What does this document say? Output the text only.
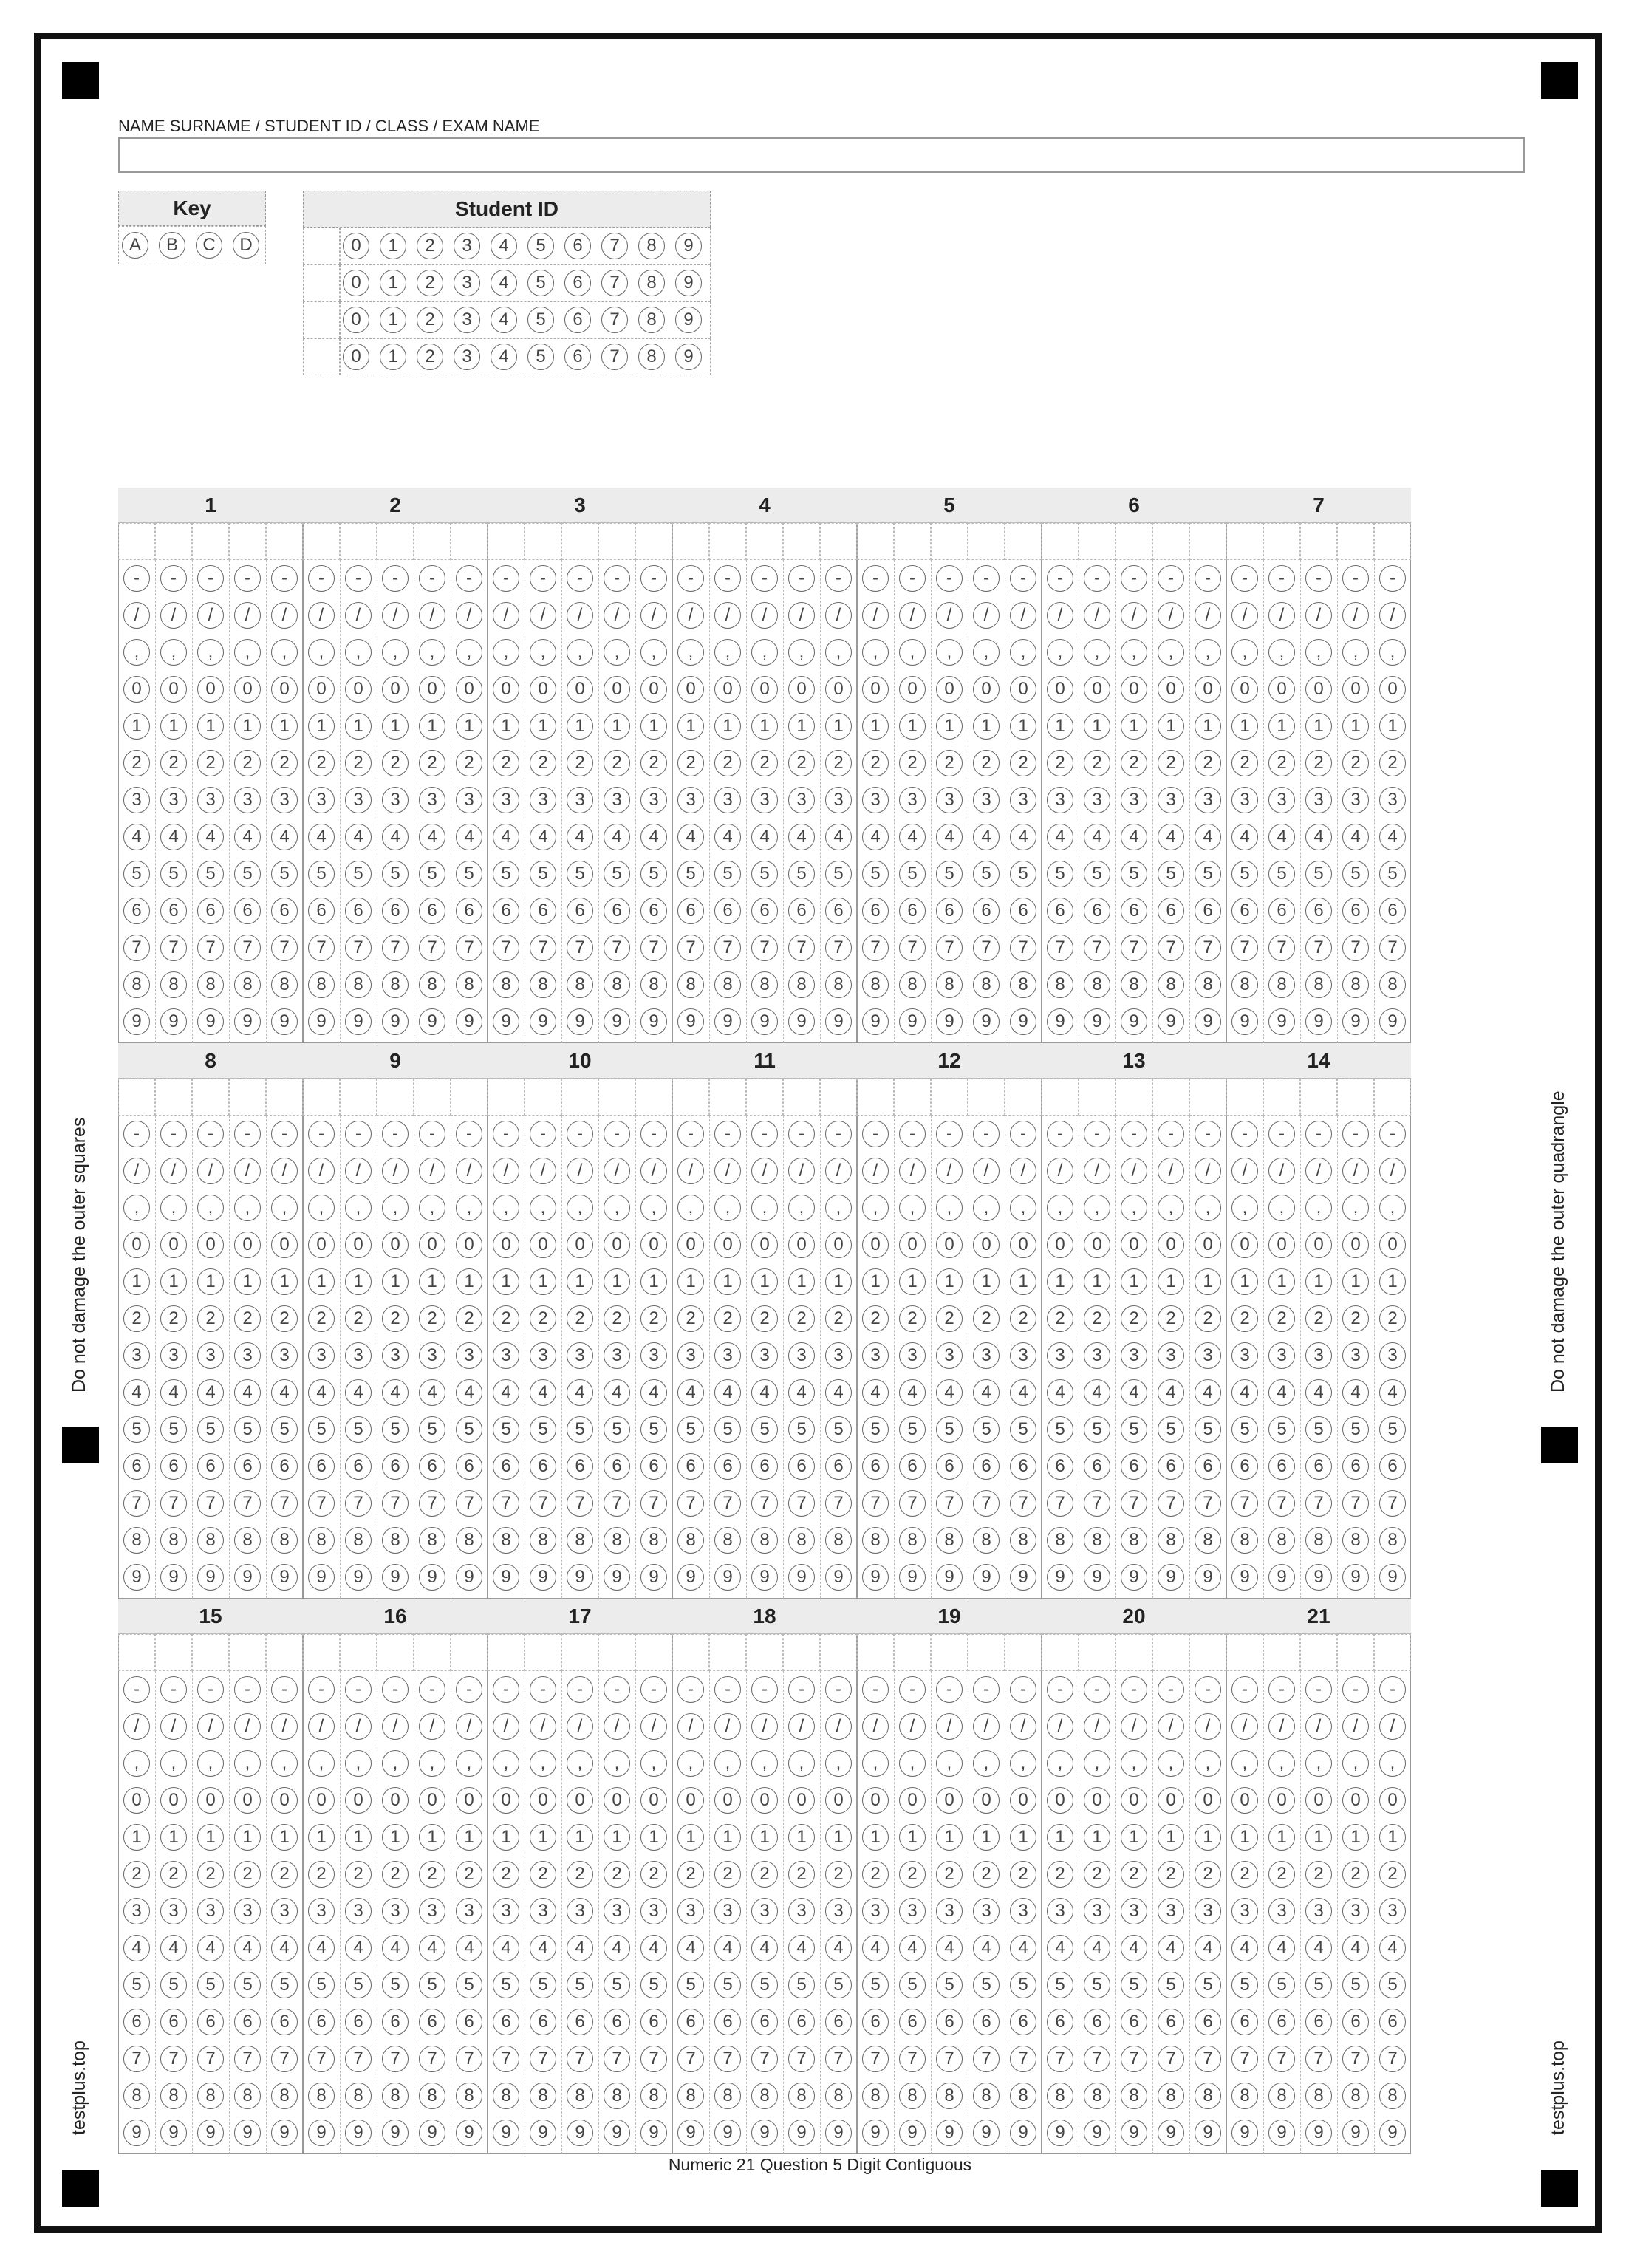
Do not damage the outer squares	Do not damage the outer quadrangle
testplus.top	testplus.top
NAME SURNAME / STUDENT ID / CLASS / EXAM NAME
Key
A	B	C	D
Student ID
0	1	2	3	4	5	6	7	8	9
0	1	2	3	4	5	6	7	8	9
0	1	2	3	4	5	6	7	8	9
0	1	2	3	4	5	6	7	8	9
1
-	-	-	-	-
/	/	/	/	/
,	,	,	,	,
0	0	0	0	0
1	1	1	1	1
2	2	2	2	2
3	3	3	3	3
4	4	4	4	4
5	5	5	5	5
6	6	6	6	6
7	7	7	7	7
8	8	8	8	8
9	9	9	9	9
2
-	-	-	-	-
/	/	/	/	/
,	,	,	,	,
0	0	0	0	0
1	1	1	1	1
2	2	2	2	2
3	3	3	3	3
4	4	4	4	4
5	5	5	5	5
6	6	6	6	6
7	7	7	7	7
8	8	8	8	8
9	9	9	9	9
3
-	-	-	-	-
/	/	/	/	/
,	,	,	,	,
0	0	0	0	0
1	1	1	1	1
2	2	2	2	2
3	3	3	3	3
4	4	4	4	4
5	5	5	5	5
6	6	6	6	6
7	7	7	7	7
8	8	8	8	8
9	9	9	9	9
4
-	-	-	-	-
/	/	/	/	/
,	,	,	,	,
0	0	0	0	0
1	1	1	1	1
2	2	2	2	2
3	3	3	3	3
4	4	4	4	4
5	5	5	5	5
6	6	6	6	6
7	7	7	7	7
8	8	8	8	8
9	9	9	9	9
5
-	-	-	-	-
/	/	/	/	/
,	,	,	,	,
0	0	0	0	0
1	1	1	1	1
2	2	2	2	2
3	3	3	3	3
4	4	4	4	4
5	5	5	5	5
6	6	6	6	6
7	7	7	7	7
8	8	8	8	8
9	9	9	9	9
6
-	-	-	-	-
/	/	/	/	/
,	,	,	,	,
0	0	0	0	0
1	1	1	1	1
2	2	2	2	2
3	3	3	3	3
4	4	4	4	4
5	5	5	5	5
6	6	6	6	6
7	7	7	7	7
8	8	8	8	8
9	9	9	9	9
7
-	-	-	-	-
/	/	/	/	/
,	,	,	,	,
0	0	0	0	0
1	1	1	1	1
2	2	2	2	2
3	3	3	3	3
4	4	4	4	4
5	5	5	5	5
6	6	6	6	6
7	7	7	7	7
8	8	8	8	8
9	9	9	9	9
8
-	-	-	-	-
/	/	/	/	/
,	,	,	,	,
0	0	0	0	0
1	1	1	1	1
2	2	2	2	2
3	3	3	3	3
4	4	4	4	4
5	5	5	5	5
6	6	6	6	6
7	7	7	7	7
8	8	8	8	8
9	9	9	9	9
9
-	-	-	-	-
/	/	/	/	/
,	,	,	,	,
0	0	0	0	0
1	1	1	1	1
2	2	2	2	2
3	3	3	3	3
4	4	4	4	4
5	5	5	5	5
6	6	6	6	6
7	7	7	7	7
8	8	8	8	8
9	9	9	9	9
10
-	-	-	-	-
/	/	/	/	/
,	,	,	,	,
0	0	0	0	0
1	1	1	1	1
2	2	2	2	2
3	3	3	3	3
4	4	4	4	4
5	5	5	5	5
6	6	6	6	6
7	7	7	7	7
8	8	8	8	8
9	9	9	9	9
11
-	-	-	-	-
/	/	/	/	/
,	,	,	,	,
0	0	0	0	0
1	1	1	1	1
2	2	2	2	2
3	3	3	3	3
4	4	4	4	4
5	5	5	5	5
6	6	6	6	6
7	7	7	7	7
8	8	8	8	8
9	9	9	9	9
12
-	-	-	-	-
/	/	/	/	/
,	,	,	,	,
0	0	0	0	0
1	1	1	1	1
2	2	2	2	2
3	3	3	3	3
4	4	4	4	4
5	5	5	5	5
6	6	6	6	6
7	7	7	7	7
8	8	8	8	8
9	9	9	9	9
13
-	-	-	-	-
/	/	/	/	/
,	,	,	,	,
0	0	0	0	0
1	1	1	1	1
2	2	2	2	2
3	3	3	3	3
4	4	4	4	4
5	5	5	5	5
6	6	6	6	6
7	7	7	7	7
8	8	8	8	8
9	9	9	9	9
14
-	-	-	-	-
/	/	/	/	/
,	,	,	,	,
0	0	0	0	0
1	1	1	1	1
2	2	2	2	2
3	3	3	3	3
4	4	4	4	4
5	5	5	5	5
6	6	6	6	6
7	7	7	7	7
8	8	8	8	8
9	9	9	9	9
15
-	-	-	-	-
/	/	/	/	/
,	,	,	,	,
0	0	0	0	0
1	1	1	1	1
2	2	2	2	2
3	3	3	3	3
4	4	4	4	4
5	5	5	5	5
6	6	6	6	6
7	7	7	7	7
8	8	8	8	8
9	9	9	9	9
16
-	-	-	-	-
/	/	/	/	/
,	,	,	,	,
0	0	0	0	0
1	1	1	1	1
2	2	2	2	2
3	3	3	3	3
4	4	4	4	4
5	5	5	5	5
6	6	6	6	6
7	7	7	7	7
8	8	8	8	8
9	9	9	9	9
17
-	-	-	-	-
/	/	/	/	/
,	,	,	,	,
0	0	0	0	0
1	1	1	1	1
2	2	2	2	2
3	3	3	3	3
4	4	4	4	4
5	5	5	5	5
6	6	6	6	6
7	7	7	7	7
8	8	8	8	8
9	9	9	9	9
18
-	-	-	-	-
/	/	/	/	/
,	,	,	,	,
0	0	0	0	0
1	1	1	1	1
2	2	2	2	2
3	3	3	3	3
4	4	4	4	4
5	5	5	5	5
6	6	6	6	6
7	7	7	7	7
8	8	8	8	8
9	9	9	9	9
19
-	-	-	-	-
/	/	/	/	/
,	,	,	,	,
0	0	0	0	0
1	1	1	1	1
2	2	2	2	2
3	3	3	3	3
4	4	4	4	4
5	5	5	5	5
6	6	6	6	6
7	7	7	7	7
8	8	8	8	8
9	9	9	9	9
20
-	-	-	-	-
/	/	/	/	/
,	,	,	,	,
0	0	0	0	0
1	1	1	1	1
2	2	2	2	2
3	3	3	3	3
4	4	4	4	4
5	5	5	5	5
6	6	6	6	6
7	7	7	7	7
8	8	8	8	8
9	9	9	9	9
21
-	-	-	-	-
/	/	/	/	/
,	,	,	,	,
0	0	0	0	0
1	1	1	1	1
2	2	2	2	2
3	3	3	3	3
4	4	4	4	4
5	5	5	5	5
6	6	6	6	6
7	7	7	7	7
8	8	8	8	8
9	9	9	9	9
Numeric 21 Question 5 Digit Contiguous
